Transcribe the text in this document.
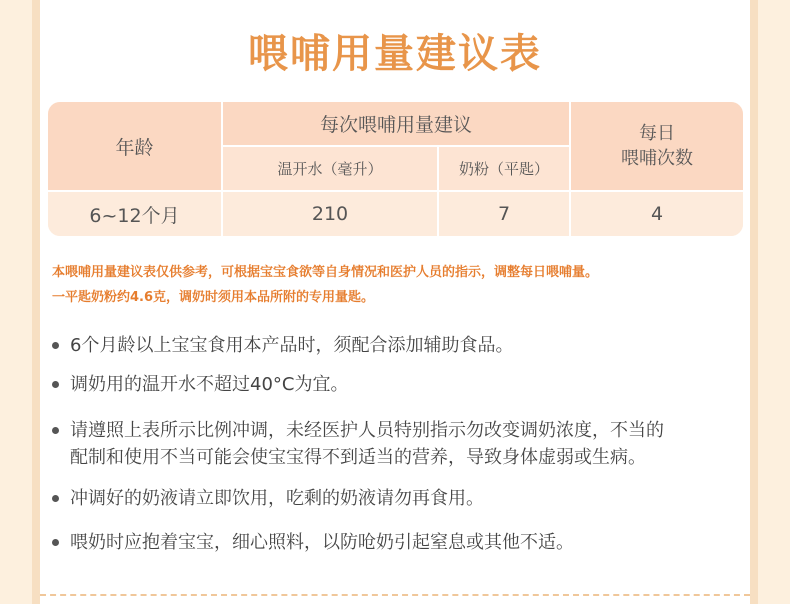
喂哺用量建议表
年龄
每次喂哺用量建议
温开水（毫升）	奶粉（平匙）
每日
喂哺次数
6~12个月	210	7	4
本喂哺用量建议表仅供参考，可根据宝宝食欲等自身情况和医护人员的指示，调整每日喂哺量。
一平匙奶粉约4.6克，调奶时须用本品所附的专用量匙。
6个月龄以上宝宝食用本产品时，须配合添加辅助食品。
调奶用的温开水不超过40°C为宜。
请遵照上表所示比例冲调，未经医护人员特别指示勿改变调奶浓度，不当的
配制和使用不当可能会使宝宝得不到适当的营养，导致身体虚弱或生病。
冲调好的奶液请立即饮用，吃剩的奶液请勿再食用。
喂奶时应抱着宝宝，细心照料，以防呛奶引起窒息或其他不适。
